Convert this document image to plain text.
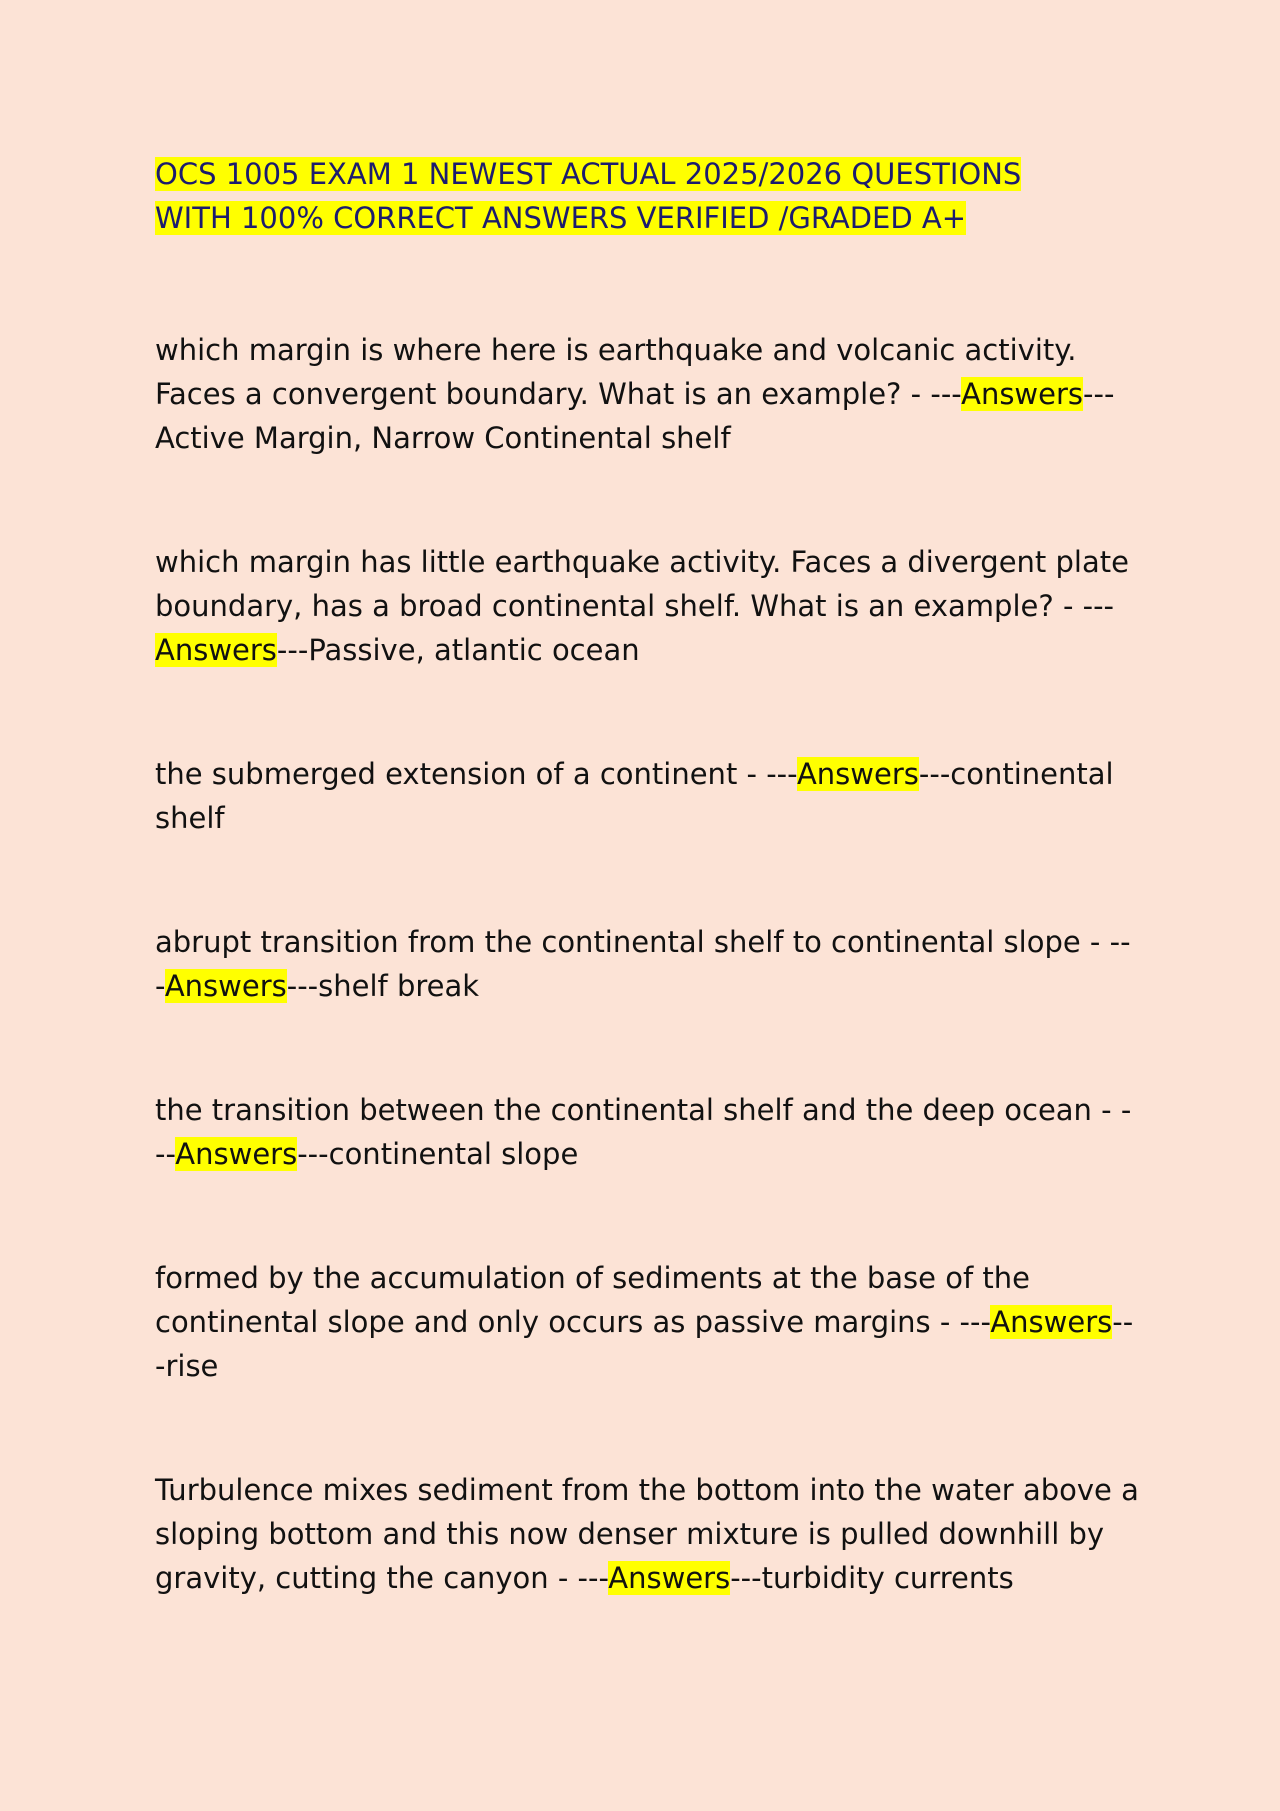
OCS 1005 EXAM 1 NEWEST ACTUAL 2025/2026 QUESTIONS
WITH 100% CORRECT ANSWERS VERIFIED /GRADED A+

which margin is where here is earthquake and volcanic activity. Faces a convergent boundary. What is an example? - ---Answers---Active Margin, Narrow Continental shelf

which margin has little earthquake activity. Faces a divergent plate boundary, has a broad continental shelf. What is an example? - ---Answers---Passive, atlantic ocean

the submerged extension of a continent - ---Answers---continental shelf

abrupt transition from the continental shelf to continental slope - ---Answers---shelf break

the transition between the continental shelf and the deep ocean - ---Answers---continental slope

formed by the accumulation of sediments at the base of the continental slope and only occurs as passive margins - ---Answers---rise

Turbulence mixes sediment from the bottom into the water above a sloping bottom and this now denser mixture is pulled downhill by gravity, cutting the canyon - ---Answers---turbidity currents
